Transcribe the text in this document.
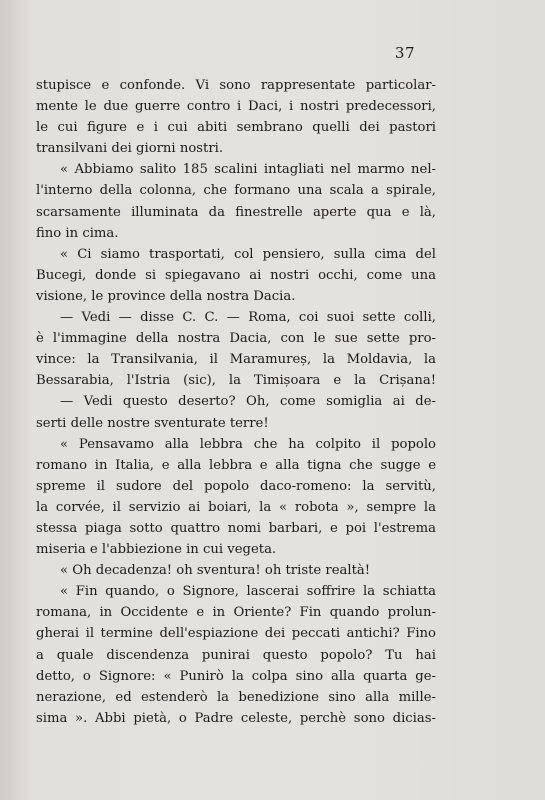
37
stupisce e confonde. Vi sono rappresentate particolar-
mente le due guerre contro i Daci, i nostri predecessori,
le cui figure e i cui abiti sembrano quelli dei pastori
transilvani dei giorni nostri.
« Abbiamo salito 185 scalini intagliati nel marmo nel-
l'interno della colonna, che formano una scala a spirale,
scarsamente illuminata da finestrelle aperte qua e là,
fino in cima.
« Ci siamo trasportati, col pensiero, sulla cima del
Bucegi, donde si spiegavano ai nostri occhi, come una
visione, le province della nostra Dacia.
— Vedi — disse C. C. — Roma, coi suoi sette colli,
è l'immagine della nostra Dacia, con le sue sette pro-
vince: la Transilvania, il Maramureș, la Moldavia, la
Bessarabia, l'Istria (sic), la Timișoara e la Crișana!
— Vedi questo deserto? Oh, come somiglia ai de-
serti delle nostre sventurate terre!
« Pensavamo alla lebbra che ha colpito il popolo
romano in Italia, e alla lebbra e alla tigna che sugge e
spreme il sudore del popolo daco-romeno: la servitù,
la corvée, il servizio ai boiari, la « robota », sempre la
stessa piaga sotto quattro nomi barbari, e poi l'estrema
miseria e l'abbiezione in cui vegeta.
« Oh decadenza! oh sventura! oh triste realtà!
« Fin quando, o Signore, lascerai soffrire la schiatta
romana, in Occidente e in Oriente? Fin quando prolun-
gherai il termine dell'espiazione dei peccati antichi? Fino
a quale discendenza punirai questo popolo? Tu hai
detto, o Signore: « Punirò la colpa sino alla quarta ge-
nerazione, ed estenderò la benedizione sino alla mille-
sima ». Abbi pietà, o Padre celeste, perchè sono dicias-
